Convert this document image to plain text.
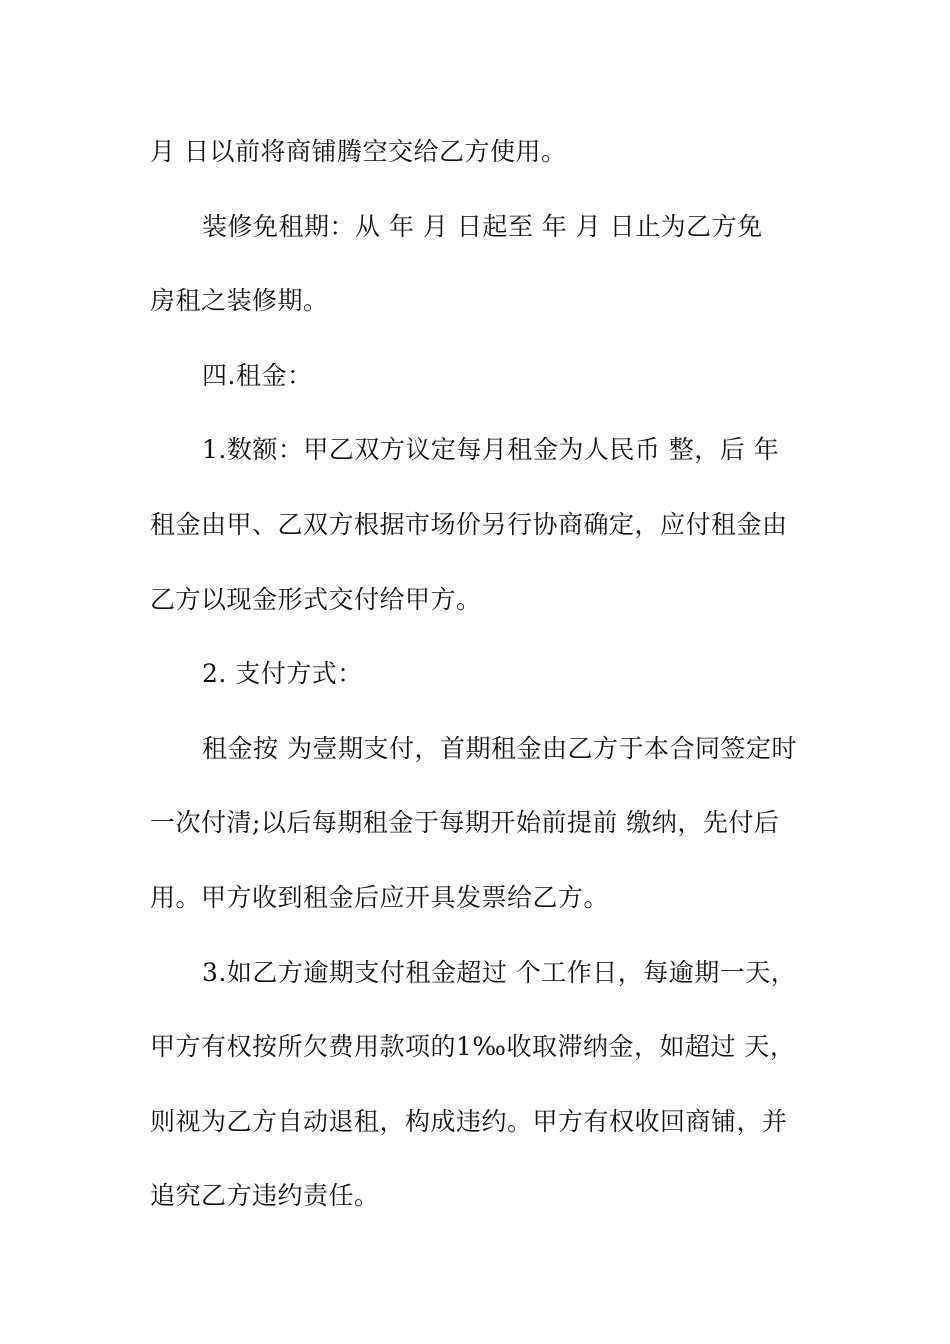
月 日以前将商铺腾空交给乙方使用。
装修免租期：从 年 月 日起至 年 月 日止为乙方免
房租之装修期。
四.租金：
1.数额：甲乙双方议定每月租金为人民币 整，后 年
租金由甲、乙双方根据市场价另行协商确定，应付租金由
乙方以现金形式交付给甲方。
2. 支付方式：
租金按 为壹期支付，首期租金由乙方于本合同签定时
一次付清;以后每期租金于每期开始前提前 缴纳，先付后
用。甲方收到租金后应开具发票给乙方。
3.如乙方逾期支付租金超过 个工作日，每逾期一天，
甲方有权按所欠费用款项的1‰收取滞纳金，如超过 天，
则视为乙方自动退租，构成违约。甲方有权收回商铺，并
追究乙方违约责任。
